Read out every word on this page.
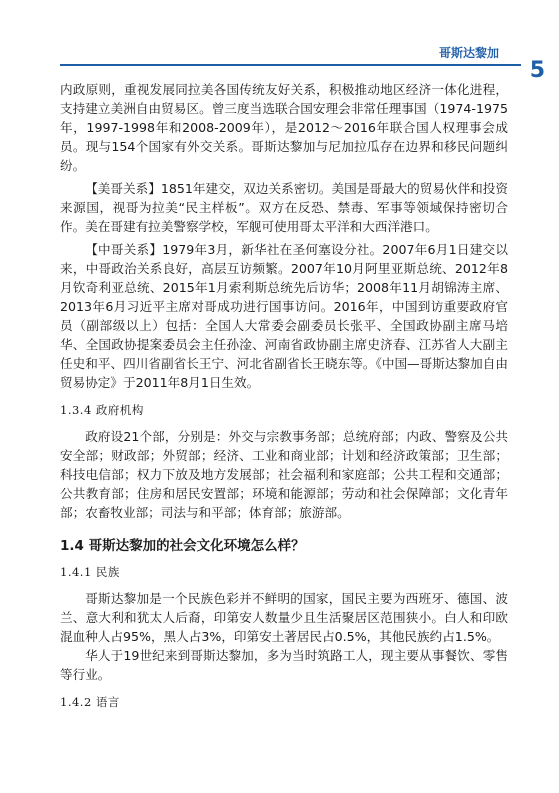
哥斯达黎加
5

内政原则，重视发展同拉美各国传统友好关系，积极推动地区经济一体化进程，支持建立美洲自由贸易区。曾三度当选联合国安理会非常任理事国（1974-1975年，1997-1998年和2008-2009年），是2012～2016年联合国人权理事会成员。现与154个国家有外交关系。哥斯达黎加与尼加拉瓜存在边界和移民问题纠纷。

【美哥关系】1851年建交，双边关系密切。美国是哥最大的贸易伙伴和投资来源国，视哥为拉美“民主样板”。双方在反恐、禁毒、军事等领域保持密切合作。美在哥建有拉美警察学校，军舰可使用哥太平洋和大西洋港口。

【中哥关系】1979年3月，新华社在圣何塞设分社。2007年6月1日建交以来，中哥政治关系良好，高层互访频繁。2007年10月阿里亚斯总统、2012年8月钦奇利亚总统、2015年1月索利斯总统先后访华；2008年11月胡锦涛主席、2013年6月习近平主席对哥成功进行国事访问。2016年，中国到访重要政府官员（副部级以上）包括：全国人大常委会副委员长张平、全国政协副主席马培华、全国政协提案委员会主任孙淦、河南省政协副主席史济春、江苏省人大副主任史和平、四川省副省长王宁、河北省副省长王晓东等。《中国—哥斯达黎加自由贸易协定》于2011年8月1日生效。

1.3.4 政府机构

政府设21个部，分别是：外交与宗教事务部；总统府部；内政、警察及公共安全部；财政部；外贸部；经济、工业和商业部；计划和经济政策部；卫生部；科技电信部；权力下放及地方发展部；社会福利和家庭部；公共工程和交通部；公共教育部；住房和居民安置部；环境和能源部；劳动和社会保障部；文化青年部；农畜牧业部；司法与和平部；体育部；旅游部。

1.4 哥斯达黎加的社会文化环境怎么样？
1.4.1 民族

哥斯达黎加是一个民族色彩并不鲜明的国家，国民主要为西班牙、德国、波兰、意大利和犹太人后裔，印第安人数量少且生活聚居区范围狭小。白人和印欧混血种人占95%，黑人占3%，印第安土著居民占0.5%，其他民族约占1.5%。

华人于19世纪来到哥斯达黎加，多为当时筑路工人，现主要从事餐饮、零售等行业。

1.4.2 语言
